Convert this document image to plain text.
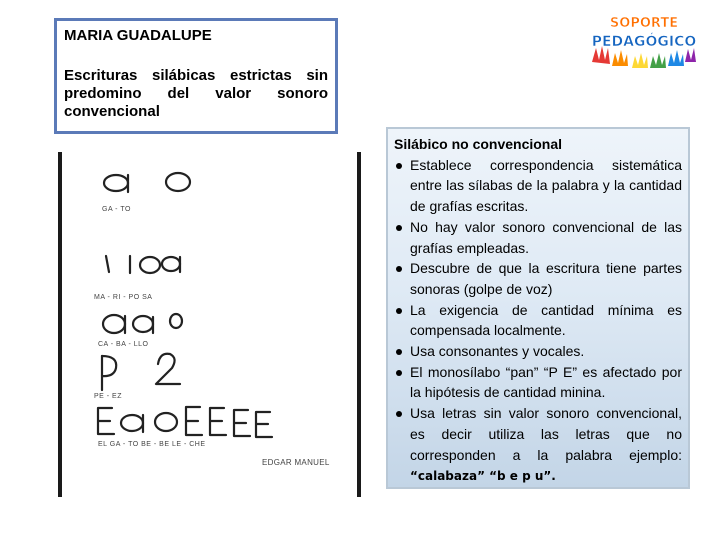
MARIA GUADALUPE
Escrituras silábicas estrictas sin predomino del valor sonoro convencional
SOPORTE
PEDAGÓGICO
GA - TO
MA - RI - PO SA
CA - BA - LLO
PE - EZ
EL GA - TO BE - BE LE - CHE
EDGAR MANUEL
Silábico no convencional
Establece correspondencia sistemática entre las sílabas de la palabra y la cantidad de grafías escritas.
No hay valor sonoro convencional de las grafías empleadas.
Descubre de que la escritura tiene partes sonoras (golpe de voz)
La exigencia de cantidad mínima es compensada localmente.
Usa consonantes y vocales.
El monosílabo “pan” “P E” es afectado por la hipótesis de cantidad minina.
Usa letras sin valor sonoro convencional, es decir utiliza las letras que no corresponden a la palabra ejemplo: “calabaza” “b e p u”.
